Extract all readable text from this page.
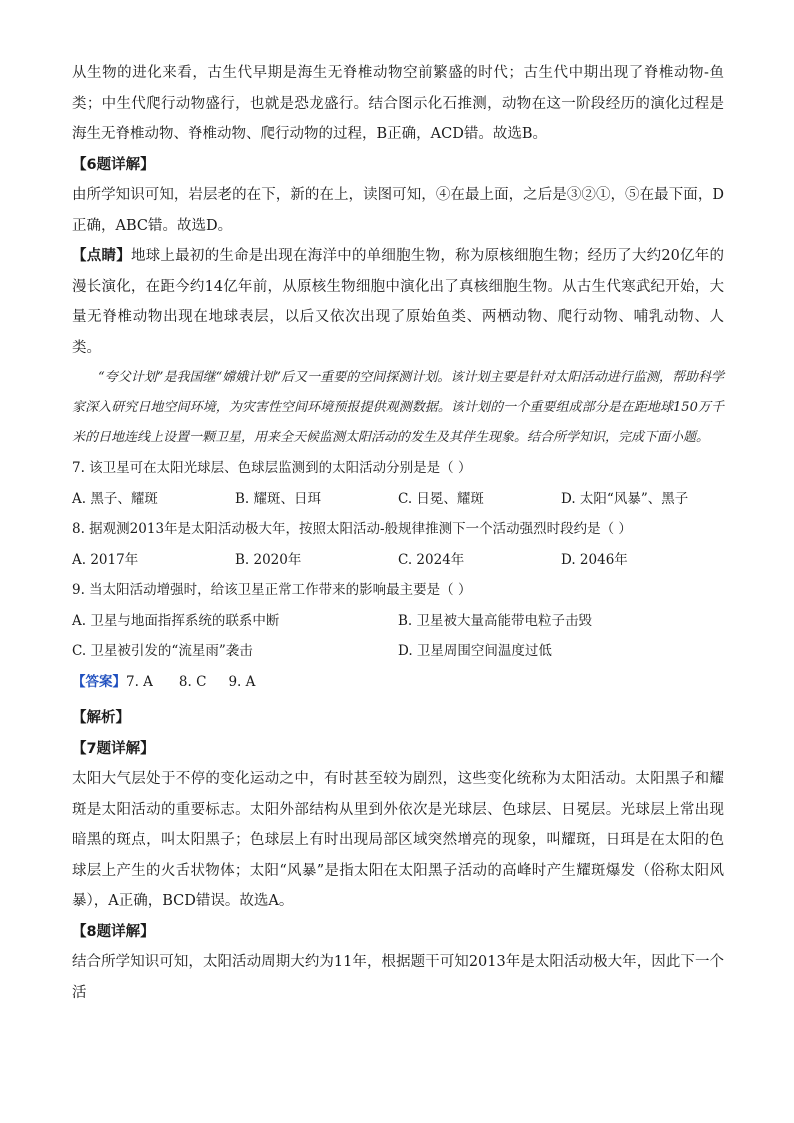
从生物的进化来看，古生代早期是海生无脊椎动物空前繁盛的时代；古生代中期出现了脊椎动物-鱼类；中生代爬行动物盛行，也就是恐龙盛行。结合图示化石推测，动物在这一阶段经历的演化过程是海生无脊椎动物、脊椎动物、爬行动物的过程，B正确，ACD错。故选B。

【6题详解】

由所学知识可知，岩层老的在下，新的在上，读图可知，④在最上面，之后是③②①，⑤在最下面，D正确，ABC错。故选D。

【点睛】地球上最初的生命是出现在海洋中的单细胞生物，称为原核细胞生物；经历了大约20亿年的漫长演化，在距今约14亿年前，从原核生物细胞中演化出了真核细胞生物。从古生代寒武纪开始，大量无脊椎动物出现在地球表层，以后又依次出现了原始鱼类、两栖动物、爬行动物、哺乳动物、人类。

“夸父计划”是我国继“嫦娥计划”后又一重要的空间探测计划。该计划主要是针对太阳活动进行监测，帮助科学家深入研究日地空间环境，为灾害性空间环境预报提供观测数据。该计划的一个重要组成部分是在距地球150万千米的日地连线上设置一颗卫星，用来全天候监测太阳活动的发生及其伴生现象。结合所学知识，完成下面小题。

7. 该卫星可在太阳光球层、色球层监测到的太阳活动分别是是（ ）

A. 黑子、耀斑	B. 耀斑、日珥	C. 日冕、耀斑	D. 太阳“风暴”、黑子

8. 据观测2013年是太阳活动极大年，按照太阳活动-般规律推测下一个活动强烈时段约是（ ）

A. 2017年	B. 2020年	C. 2024年	D. 2046年

9. 当太阳活动增强时，给该卫星正常工作带来的影响最主要是（ ）

A. 卫星与地面指挥系统的联系中断	B. 卫星被大量高能带电粒子击毁
C. 卫星被引发的“流星雨”袭击	D. 卫星周围空间温度过低

【答案】7. A 8. C 9. A

【解析】

【7题详解】

太阳大气层处于不停的变化运动之中，有时甚至较为剧烈，这些变化统称为太阳活动。太阳黑子和耀斑是太阳活动的重要标志。太阳外部结构从里到外依次是光球层、色球层、日冕层。光球层上常出现暗黑的斑点，叫太阳黑子；色球层上有时出现局部区域突然增亮的现象，叫耀斑，日珥是在太阳的色球层上产生的火舌状物体；太阳“风暴”是指太阳在太阳黑子活动的高峰时产生耀斑爆发（俗称太阳风暴），A正确，BCD错误。故选A。

【8题详解】

结合所学知识可知，太阳活动周期大约为11年，根据题干可知2013年是太阳活动极大年，因此下一个活
